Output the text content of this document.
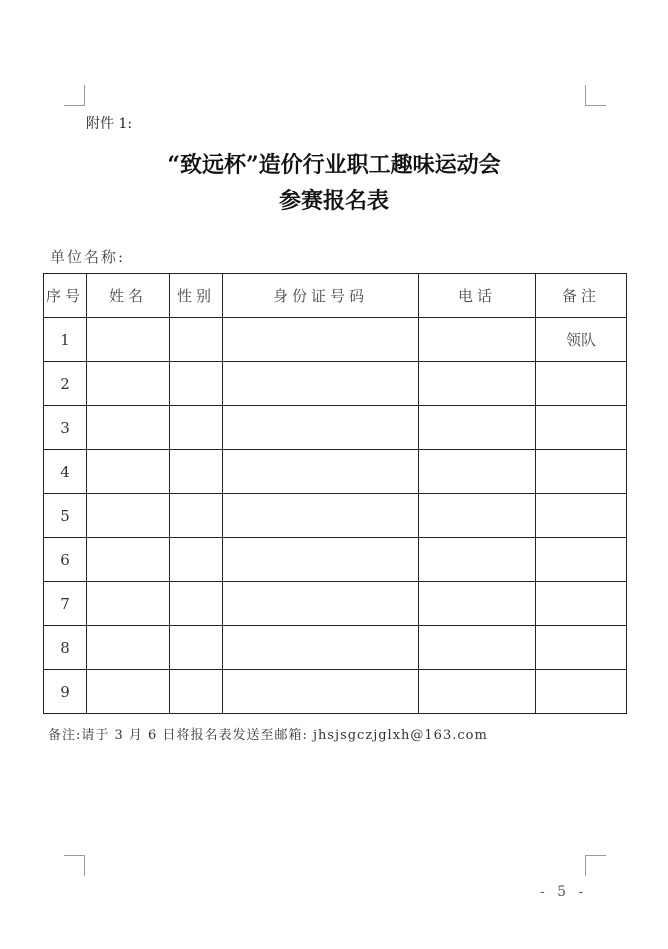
附件 1:
“致远杯”造价行业职工趣味运动会
参赛报名表
单位名称:
序号	姓名	性别	身份证号码	电话	备注
1					领队
2					
3					
4					
5					
6					
7					
8					
9					
备注:请于 3 月 6 日将报名表发送至邮箱: jhsjsgczjglxh@163.com
- 5 -
